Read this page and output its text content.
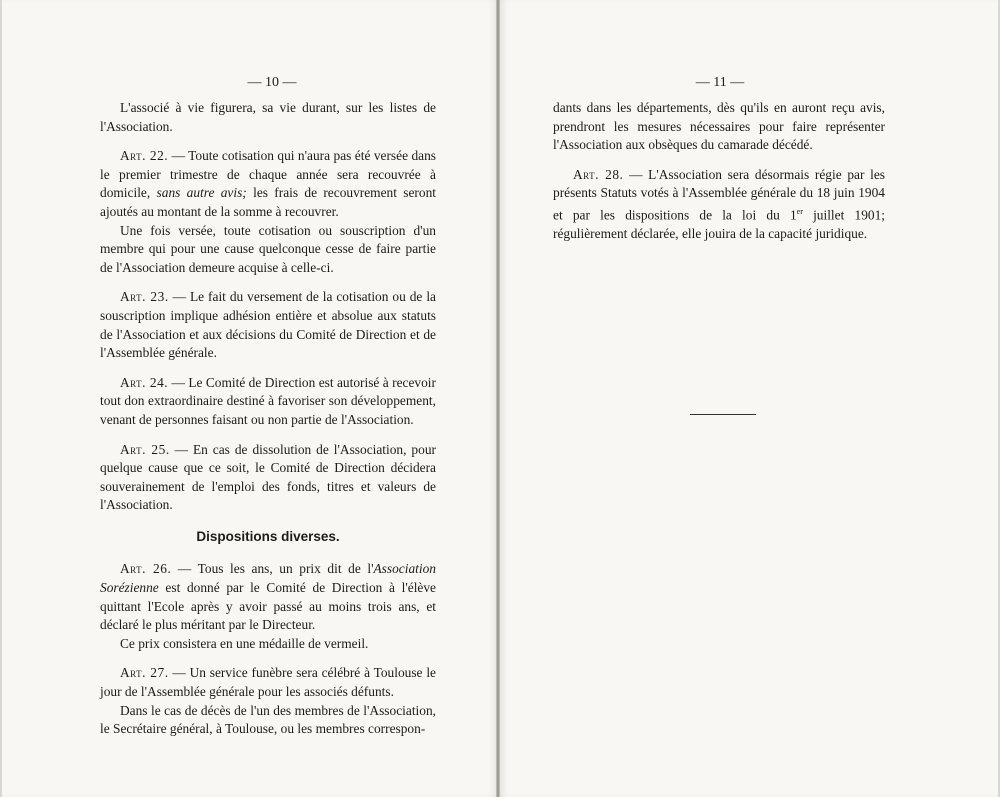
— 10 —

L'associé à vie figurera, sa vie durant, sur les listes de l'Association.

Art. 22. — Toute cotisation qui n'aura pas été versée dans le premier trimestre de chaque année sera recouvrée à domicile, sans autre avis; les frais de recouvrement seront ajoutés au montant de la somme à recouvrer.

Une fois versée, toute cotisation ou souscription d'un membre qui pour une cause quelconque cesse de faire partie de l'Association demeure acquise à celle-ci.

Art. 23. — Le fait du versement de la cotisation ou de la souscription implique adhésion entière et absolue aux statuts de l'Association et aux décisions du Comité de Direction et de l'Assemblée générale.

Art. 24. — Le Comité de Direction est autorisé à recevoir tout don extraordinaire destiné à favoriser son développement, venant de personnes faisant ou non partie de l'Association.

Art. 25. — En cas de dissolution de l'Association, pour quelque cause que ce soit, le Comité de Direction décidera souverainement de l'emploi des fonds, titres et valeurs de l'Association.

Dispositions diverses.

Art. 26. — Tous les ans, un prix dit de l'Association Sorézienne est donné par le Comité de Direction à l'élève quittant l'Ecole après y avoir passé au moins trois ans, et déclaré le plus méritant par le Directeur.

Ce prix consistera en une médaille de vermeil.

Art. 27. — Un service funèbre sera célébré à Toulouse le jour de l'Assemblée générale pour les associés défunts.

Dans le cas de décès de l'un des membres de l'Association, le Secrétaire général, à Toulouse, ou les membres correspon-

— 11 —

dants dans les départements, dès qu'ils en auront reçu avis, prendront les mesures nécessaires pour faire représenter l'Association aux obsèques du camarade décédé.

Art. 28. — L'Association sera désormais régie par les présents Statuts votés à l'Assemblée générale du 18 juin 1904 et par les dispositions de la loi du 1er juillet 1901; régulièrement déclarée, elle jouira de la capacité juridique.
